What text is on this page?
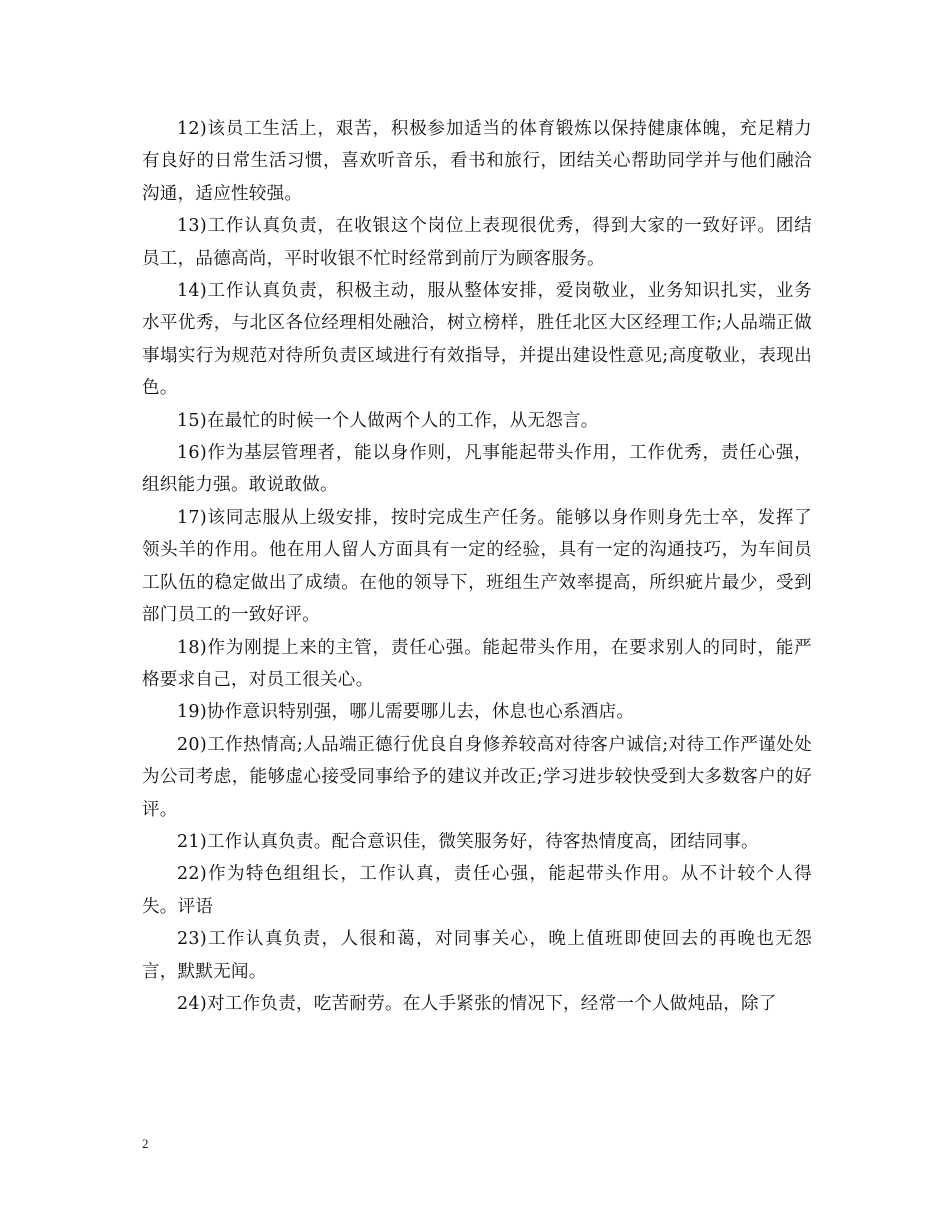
12)该员工生活上，艰苦，积极参加适当的体育锻炼以保持健康体魄，充足精力有良好的日常生活习惯，喜欢听音乐，看书和旅行，团结关心帮助同学并与他们融洽沟通，适应性较强。

13)工作认真负责，在收银这个岗位上表现很优秀，得到大家的一致好评。团结员工，品德高尚，平时收银不忙时经常到前厅为顾客服务。

14)工作认真负责，积极主动，服从整体安排，爱岗敬业，业务知识扎实，业务水平优秀，与北区各位经理相处融洽，树立榜样，胜任北区大区经理工作;人品端正做事塌实行为规范对待所负责区域进行有效指导，并提出建设性意见;高度敬业，表现出色。

15)在最忙的时候一个人做两个人的工作，从无怨言。

16)作为基层管理者，能以身作则，凡事能起带头作用，工作优秀，责任心强，组织能力强。敢说敢做。

17)该同志服从上级安排，按时完成生产任务。能够以身作则身先士卒，发挥了领头羊的作用。他在用人留人方面具有一定的经验，具有一定的沟通技巧，为车间员工队伍的稳定做出了成绩。在他的领导下，班组生产效率提高，所织疵片最少，受到部门员工的一致好评。

18)作为刚提上来的主管，责任心强。能起带头作用，在要求别人的同时，能严格要求自己，对员工很关心。

19)协作意识特别强，哪儿需要哪儿去，休息也心系酒店。

20)工作热情高;人品端正德行优良自身修养较高对待客户诚信;对待工作严谨处处为公司考虑，能够虚心接受同事给予的建议并改正;学习进步较快受到大多数客户的好评。

21)工作认真负责。配合意识佳，微笑服务好，待客热情度高，团结同事。

22)作为特色组组长，工作认真，责任心强，能起带头作用。从不计较个人得失。评语

23)工作认真负责，人很和蔼，对同事关心，晚上值班即使回去的再晚也无怨言，默默无闻。

24)对工作负责，吃苦耐劳。在人手紧张的情况下，经常一个人做炖品，除了

2
